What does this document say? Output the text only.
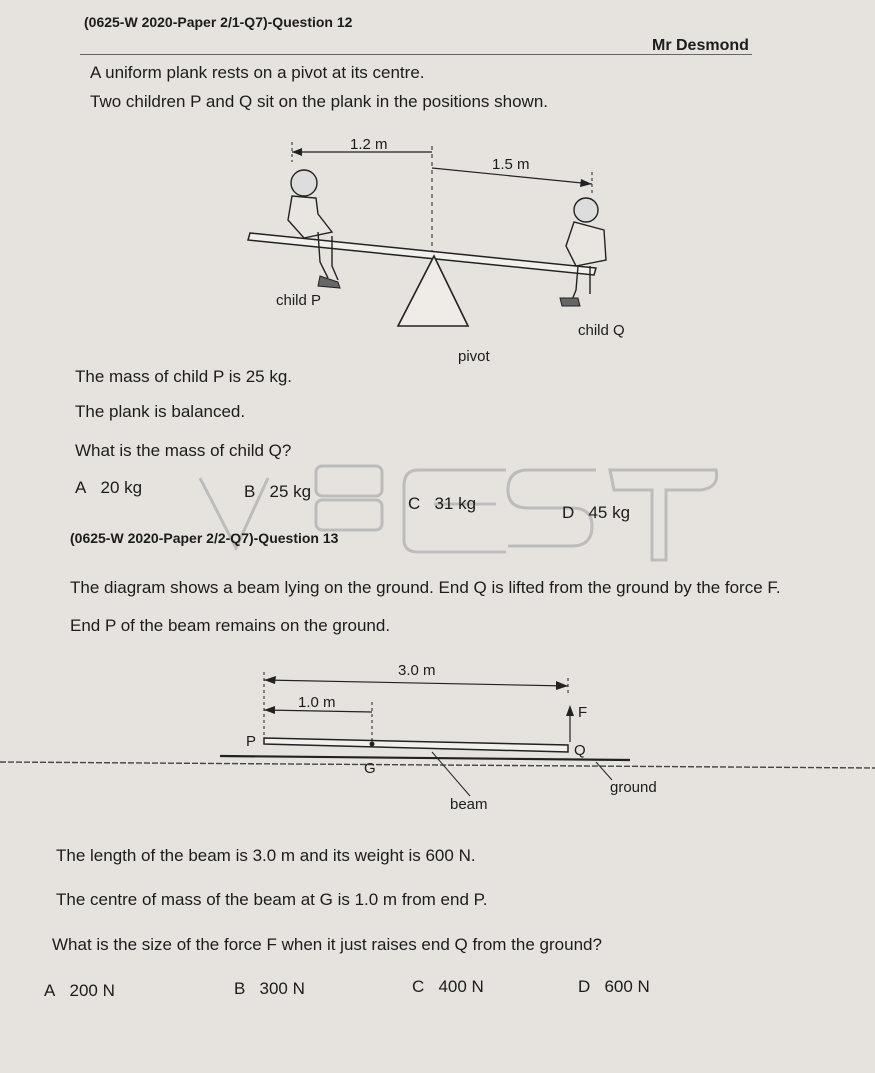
(0625-W 2020-Paper 2/1-Q7)-Question 12
Mr Desmond
A uniform plank rests on a pivot at its centre.
Two children P and Q sit on the plank in the positions shown.
1.2 m
1.5 m
child P
child Q
pivot
The mass of child P is 25 kg.
The plank is balanced.
What is the mass of child Q?
A 20 kg	B 25 kg
C 31 kg	D 45 kg
(0625-W 2020-Paper 2/2-Q7)-Question 13
The diagram shows a beam lying on the ground. End Q is lifted from the ground by the force F.
End P of the beam remains on the ground.
3.0 m
1.0 m
F
P
Q
G
ground
beam
The length of the beam is 3.0 m and its weight is 600 N.
The centre of mass of the beam at G is 1.0 m from end P.
What is the size of the force F when it just raises end Q from the ground?
A 200 N	B 300 N	C 400 N	D 600 N
